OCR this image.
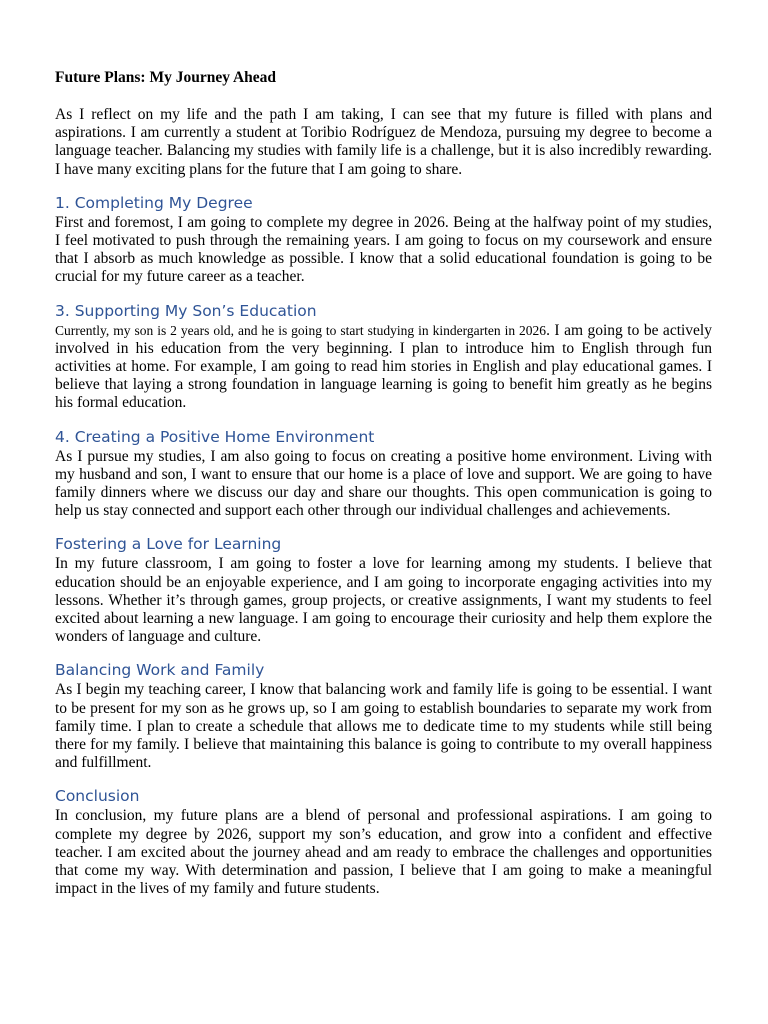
Future Plans: My Journey Ahead

As I reflect on my life and the path I am taking, I can see that my future is filled with plans and aspirations. I am currently a student at Toribio Rodríguez de Mendoza, pursuing my degree to become a language teacher. Balancing my studies with family life is a challenge, but it is also incredibly rewarding. I have many exciting plans for the future that I am going to share.

1. Completing My Degree

First and foremost, I am going to complete my degree in 2026. Being at the halfway point of my studies, I feel motivated to push through the remaining years. I am going to focus on my coursework and ensure that I absorb as much knowledge as possible. I know that a solid educational foundation is going to be crucial for my future career as a teacher.

3. Supporting My Son’s Education

Currently, my son is 2 years old, and he is going to start studying in kindergarten in 2026. I am going to be actively involved in his education from the very beginning. I plan to introduce him to English through fun activities at home. For example, I am going to read him stories in English and play educational games. I believe that laying a strong foundation in language learning is going to benefit him greatly as he begins his formal education.

4. Creating a Positive Home Environment

As I pursue my studies, I am also going to focus on creating a positive home environment. Living with my husband and son, I want to ensure that our home is a place of love and support. We are going to have family dinners where we discuss our day and share our thoughts. This open communication is going to help us stay connected and support each other through our individual challenges and achievements.

Fostering a Love for Learning

In my future classroom, I am going to foster a love for learning among my students. I believe that education should be an enjoyable experience, and I am going to incorporate engaging activities into my lessons. Whether it’s through games, group projects, or creative assignments, I want my students to feel excited about learning a new language. I am going to encourage their curiosity and help them explore the wonders of language and culture.

Balancing Work and Family

As I begin my teaching career, I know that balancing work and family life is going to be essential. I want to be present for my son as he grows up, so I am going to establish boundaries to separate my work from family time. I plan to create a schedule that allows me to dedicate time to my students while still being there for my family. I believe that maintaining this balance is going to contribute to my overall happiness and fulfillment.

Conclusion

In conclusion, my future plans are a blend of personal and professional aspirations. I am going to complete my degree by 2026, support my son’s education, and grow into a confident and effective teacher. I am excited about the journey ahead and am ready to embrace the challenges and opportunities that come my way. With determination and passion, I believe that I am going to make a meaningful impact in the lives of my family and future students.
